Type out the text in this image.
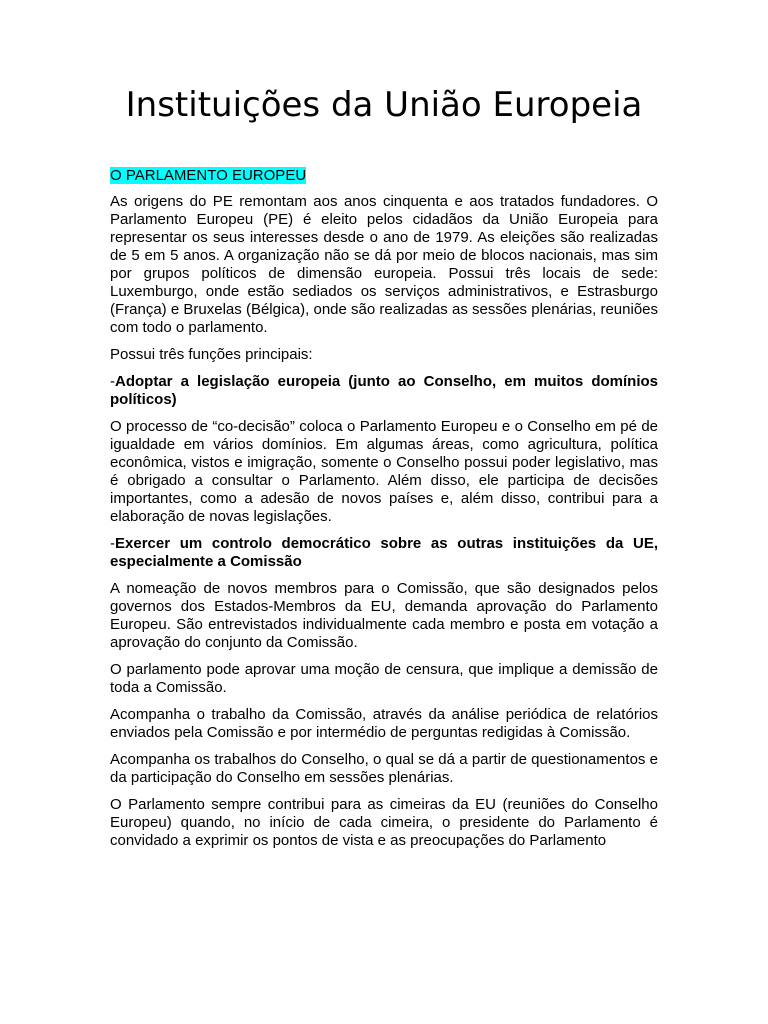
Instituições da União Europeia
O PARLAMENTO EUROPEU

As origens do PE remontam aos anos cinquenta e aos tratados fundadores. O Parlamento Europeu (PE) é eleito pelos cidadãos da União Europeia para representar os seus interesses desde o ano de 1979. As eleições são realizadas de 5 em 5 anos. A organização não se dá por meio de blocos nacionais, mas sim por grupos políticos de dimensão europeia. Possui três locais de sede: Luxemburgo, onde estão sediados os serviços administrativos, e Estrasburgo (França) e Bruxelas (Bélgica), onde são realizadas as sessões plenárias, reuniões com todo o parlamento.

Possui três funções principais:

-Adoptar a legislação europeia (junto ao Conselho, em muitos domínios políticos)

O processo de “co-decisão” coloca o Parlamento Europeu e o Conselho em pé de igualdade em vários domínios. Em algumas áreas, como agricultura, política econômica, vistos e imigração, somente o Conselho possui poder legislativo, mas é obrigado a consultar o Parlamento. Além disso, ele participa de decisões importantes, como a adesão de novos países e, além disso, contribui para a elaboração de novas legislações.

-Exercer um controlo democrático sobre as outras instituições da UE, especialmente a Comissão

A nomeação de novos membros para o Comissão, que são designados pelos governos dos Estados-Membros da EU, demanda aprovação do Parlamento Europeu. São entrevistados individualmente cada membro e posta em votação a aprovação do conjunto da Comissão.

O parlamento pode aprovar uma moção de censura, que implique a demissão de toda a Comissão.

Acompanha o trabalho da Comissão, através da análise periódica de relatórios enviados pela Comissão e por intermédio de perguntas redigidas à Comissão.

Acompanha os trabalhos do Conselho, o qual se dá a partir de questionamentos e da participação do Conselho em sessões plenárias.

O Parlamento sempre contribui para as cimeiras da EU (reuniões do Conselho Europeu) quando, no início de cada cimeira, o presidente do Parlamento é convidado a exprimir os pontos de vista e as preocupações do Parlamento
